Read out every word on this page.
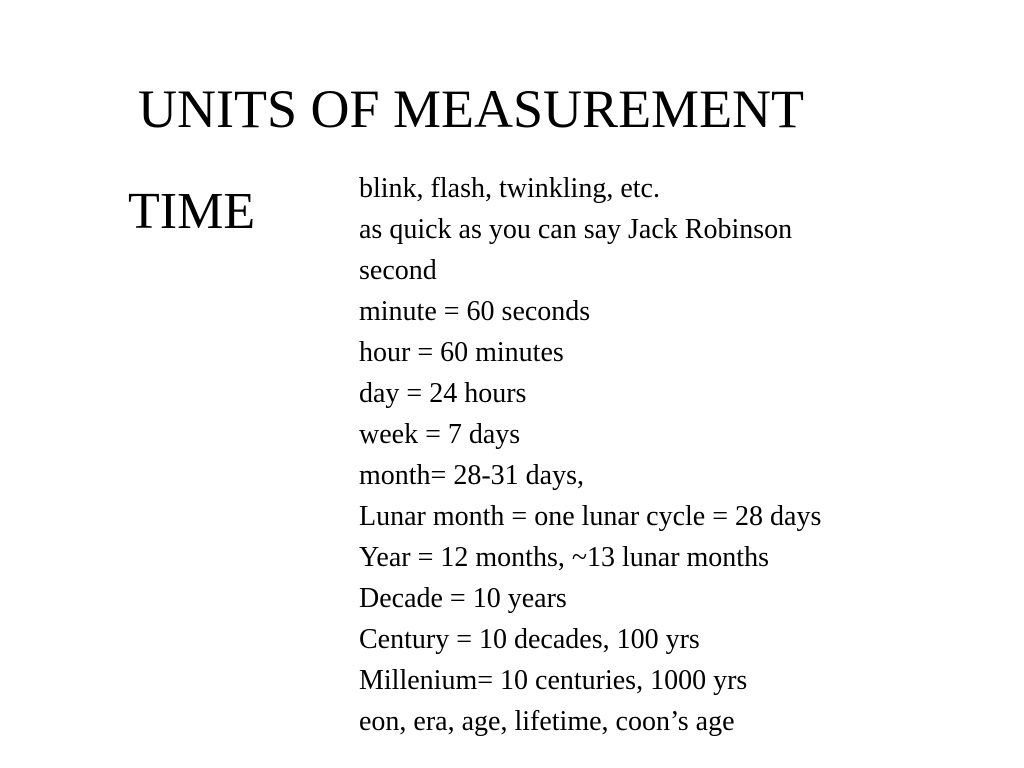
UNITS OF MEASUREMENT
TIME	blink, flash, twinkling, etc.
as quick as you can say Jack Robinson
second
minute = 60 seconds
hour = 60 minutes
day = 24 hours
week = 7 days
month= 28-31 days,
Lunar month = one lunar cycle = 28 days
Year = 12 months, ~13 lunar months
Decade = 10 years
Century = 10 decades, 100 yrs
Millenium= 10 centuries, 1000 yrs
eon, era, age, lifetime, coon’s age
